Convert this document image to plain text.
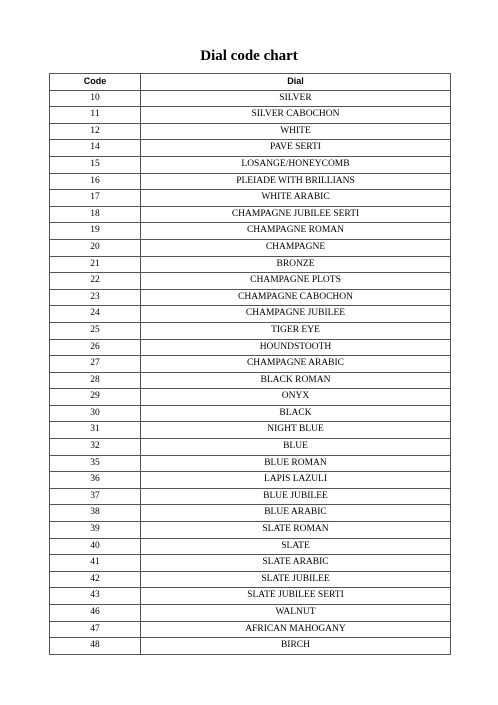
Dial code chart
Code	Dial
10	SILVER
11	SILVER CABOCHON
12	WHITE
14	PAVE SERTI
15	LOSANGE/HONEYCOMB
16	PLEIADE WITH BRILLIANS
17	WHITE ARABIC
18	CHAMPAGNE JUBILEE SERTI
19	CHAMPAGNE ROMAN
20	CHAMPAGNE
21	BRONZE
22	CHAMPAGNE PLOTS
23	CHAMPAGNE CABOCHON
24	CHAMPAGNE JUBILEE
25	TIGER EYE
26	HOUNDSTOOTH
27	CHAMPAGNE ARABIC
28	BLACK ROMAN
29	ONYX
30	BLACK
31	NIGHT BLUE
32	BLUE
35	BLUE ROMAN
36	LAPIS LAZULI
37	BLUE JUBILEE
38	BLUE ARABIC
39	SLATE ROMAN
40	SLATE
41	SLATE ARABIC
42	SLATE JUBILEE
43	SLATE JUBILEE SERTI
46	WALNUT
47	AFRICAN MAHOGANY
48	BIRCH
